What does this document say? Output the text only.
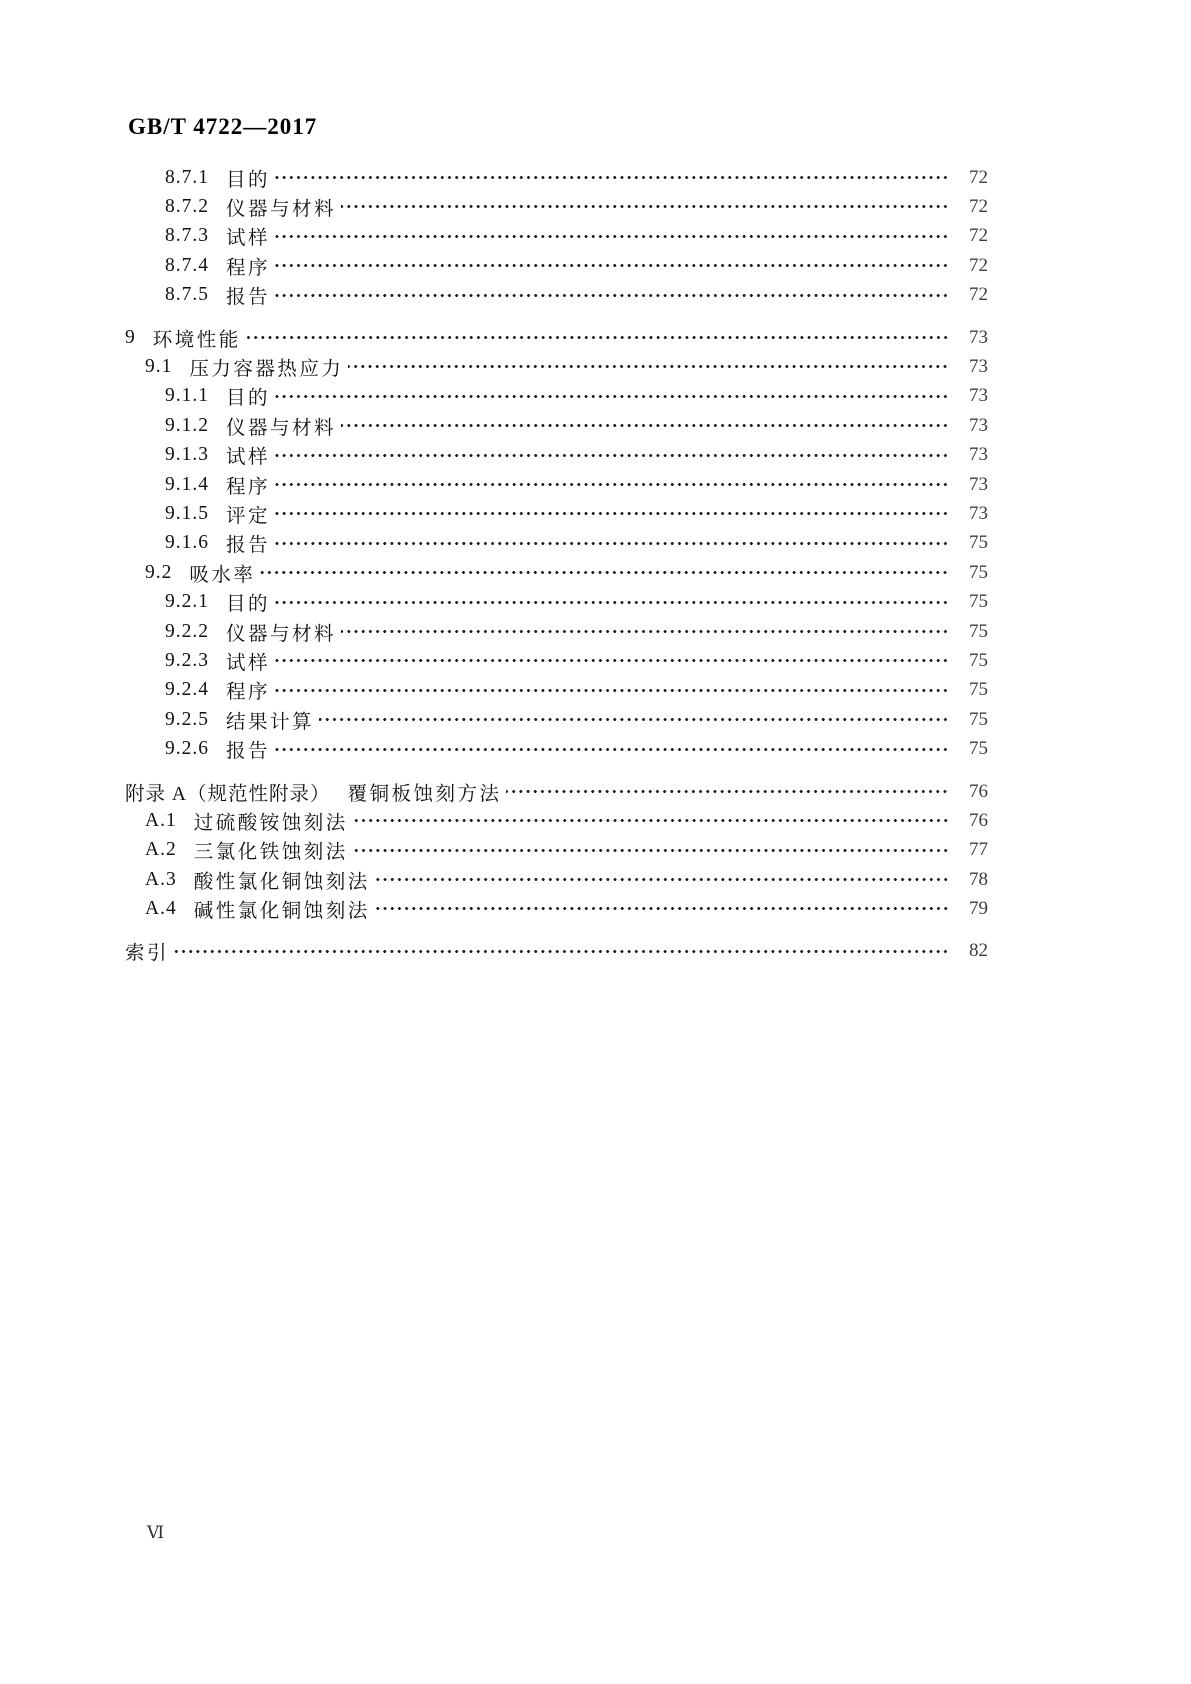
GB/T 4722—2017
8.7.1 目的	72
8.7.2 仪器与材料	72
8.7.3 试样	72
8.7.4 程序	72
8.7.5 报告	72
9 环境性能	73
9.1 压力容器热应力	73
9.1.1 目的	73
9.1.2 仪器与材料	73
9.1.3 试样	73
9.1.4 程序	73
9.1.5 评定	73
9.1.6 报告	75
9.2 吸水率	75
9.2.1 目的	75
9.2.2 仪器与材料	75
9.2.3 试样	75
9.2.4 程序	75
9.2.5 结果计算	75
9.2.6 报告	75
附录 A（规范性附录） 覆铜板蚀刻方法	76
A.1 过硫酸铵蚀刻法	76
A.2 三氯化铁蚀刻法	77
A.3 酸性氯化铜蚀刻法	78
A.4 碱性氯化铜蚀刻法	79
索引	82
Ⅵ
